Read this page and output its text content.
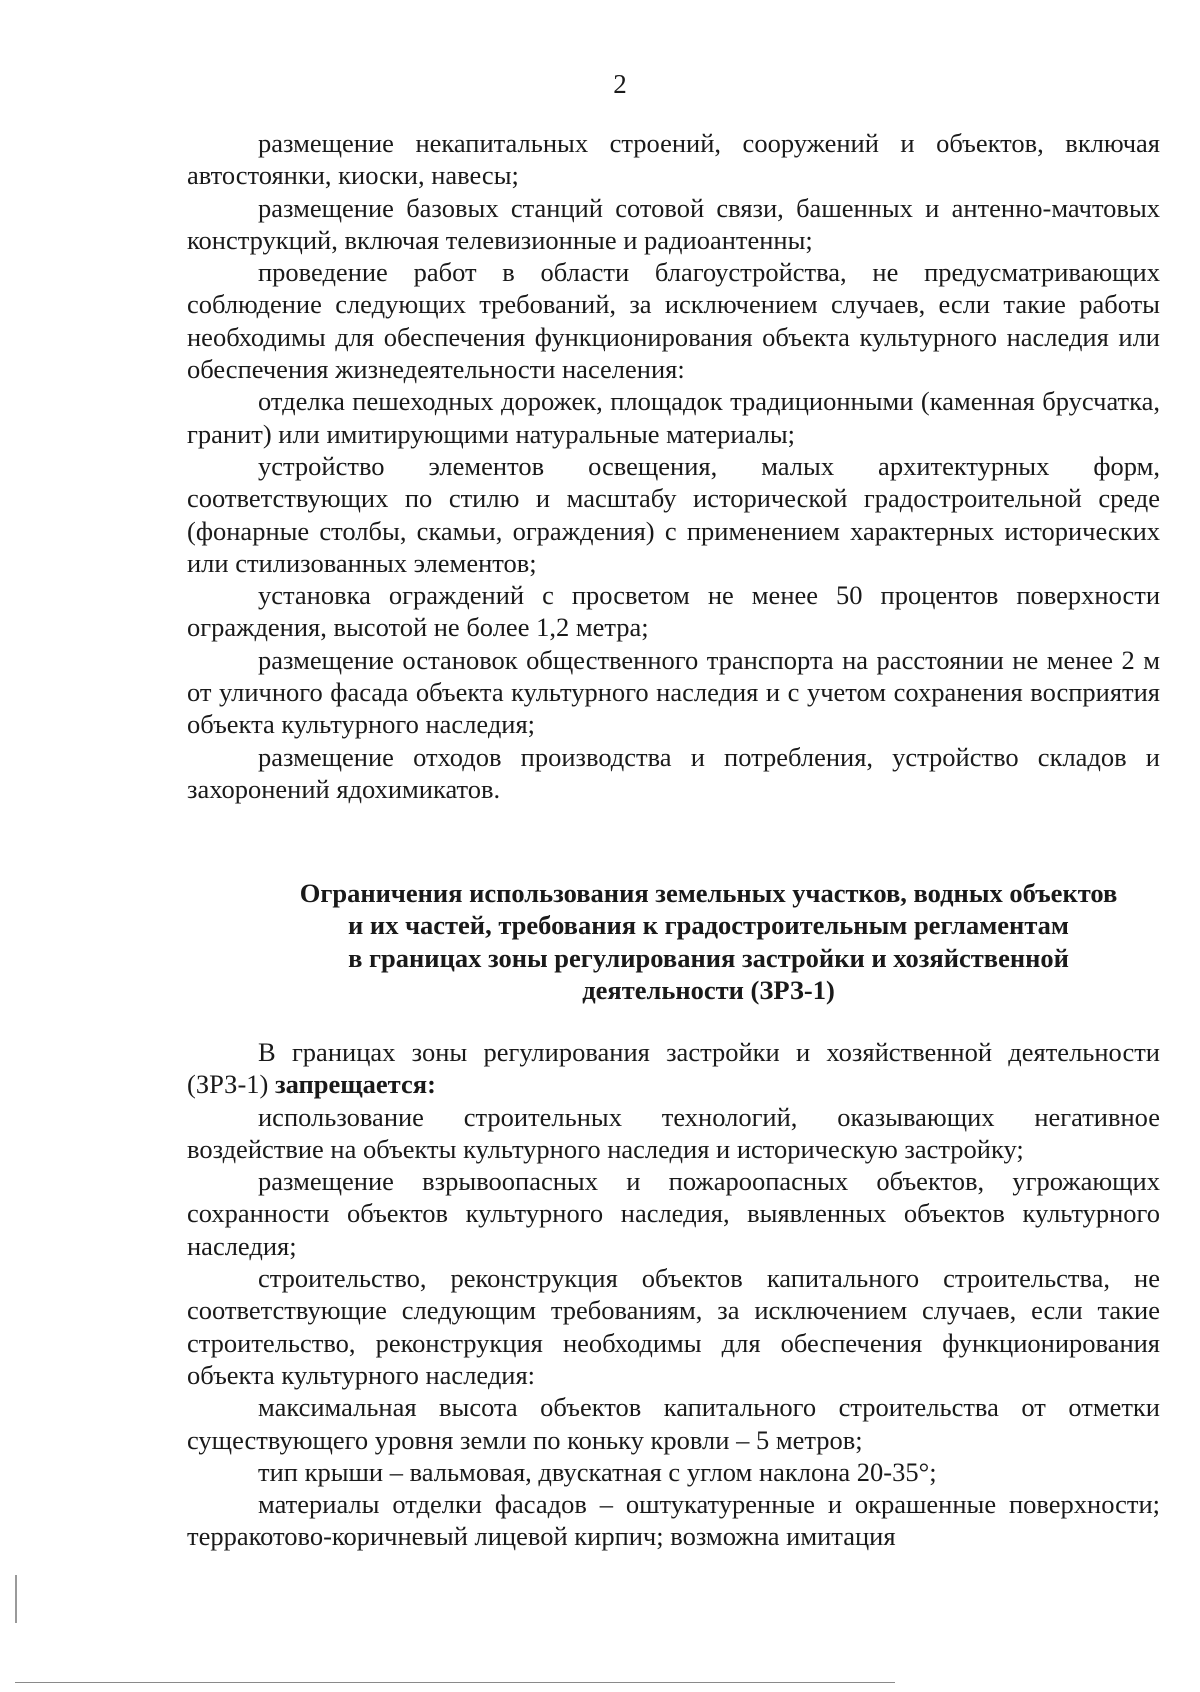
2

размещение некапитальных строений, сооружений и объектов, включая автостоянки, киоски, навесы;

размещение базовых станций сотовой связи, башенных и антенно-мачтовых конструкций, включая телевизионные и радиоантенны;

проведение работ в области благоустройства, не предусматривающих соблюдение следующих требований, за исключением случаев, если такие работы необходимы для обеспечения функционирования объекта культурного наследия или обеспечения жизнедеятельности населения:

отделка пешеходных дорожек, площадок традиционными (каменная брусчатка, гранит) или имитирующими натуральные материалы;

устройство элементов освещения, малых архитектурных форм, соответствующих по стилю и масштабу исторической градостроительной среде (фонарные столбы, скамьи, ограждения) с применением характерных исторических или стилизованных элементов;

установка ограждений с просветом не менее 50 процентов поверхности ограждения, высотой не более 1,2 метра;

размещение остановок общественного транспорта на расстоянии не менее 2 м от уличного фасада объекта культурного наследия и с учетом сохранения восприятия объекта культурного наследия;

размещение отходов производства и потребления, устройство складов и захоронений ядохимикатов.

Ограничения использования земельных участков, водных объектов
и их частей, требования к градостроительным регламентам
в границах зоны регулирования застройки и хозяйственной
деятельности (ЗРЗ-1)

В границах зоны регулирования застройки и хозяйственной деятельности (ЗРЗ-1) запрещается:

использование строительных технологий, оказывающих негативное воздействие на объекты культурного наследия и историческую застройку;

размещение взрывоопасных и пожароопасных объектов, угрожающих сохранности объектов культурного наследия, выявленных объектов культурного наследия;

строительство, реконструкция объектов капитального строительства, не соответствующие следующим требованиям, за исключением случаев, если такие строительство, реконструкция необходимы для обеспечения функционирования объекта культурного наследия:

максимальная высота объектов капитального строительства от отметки существующего уровня земли по коньку кровли – 5 метров;

тип крыши – вальмовая, двускатная с углом наклона 20-35°;

материалы отделки фасадов – оштукатуренные и окрашенные поверхности; терракотово-коричневый лицевой кирпич; возможна имитация
